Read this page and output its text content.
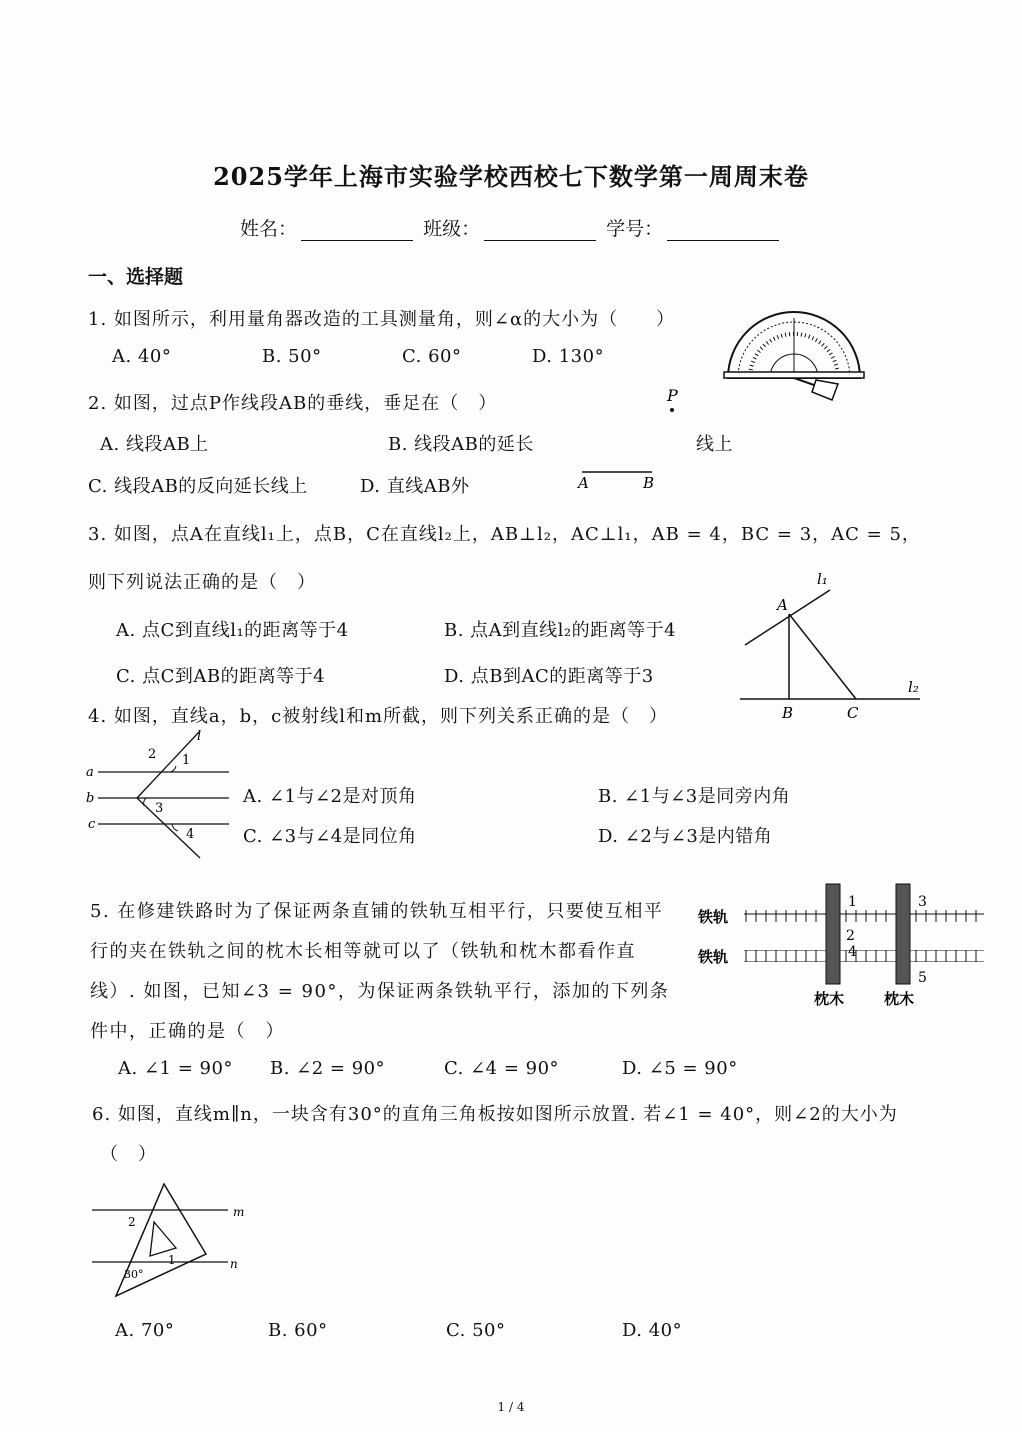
2025学年上海市实验学校西校七下数学第一周周末卷
姓名：	班级：	学号：
一、选择题
1. 如图所示，利用量角器改造的工具测量角，则∠α的大小为（　　）
A. 40°	B. 50°	C. 60°	D. 130°
2. 如图，过点P作线段AB的垂线，垂足在（　）
A. 线段AB上	B. 线段AB的延长	线上
C. 线段AB的反向延长线上	D. 直线AB外
P
A	B
3. 如图，点A在直线l₁上，点B，C在直线l₂上，AB⊥l₂，AC⊥l₁，AB = 4，BC = 3，AC = 5，
则下列说法正确的是（　）
A. 点C到直线l₁的距离等于4	B. 点A到直线l₂的距离等于4
C. 点C到AB的距离等于4	D. 点B到AC的距离等于3
l₁
l₂
A
B	C
4. 如图，直线a，b，c被射线l和m所截，则下列关系正确的是（　）
A. ∠1与∠2是对顶角	B. ∠1与∠3是同旁内角
C. ∠3与∠4是同位角	D. ∠2与∠3是内错角
a
b
c
l
2 1
3
4
5. 在修建铁路时为了保证两条直铺的铁轨互相平行，只要使互相平行的夹在铁轨之间的枕木长相等就可以了（铁轨和枕木都看作直线）. 如图，已知∠3 = 90°，为保证两条铁轨平行，添加的下列条件中，正确的是（　）
A. ∠1 = 90° B. ∠2 = 90°	C. ∠4 = 90°	D. ∠5 = 90°
铁轨
铁轨
枕木	枕木
1
2
3
4
5
6. 如图，直线m∥n，一块含有30°的直角三角板按如图所示放置. 若∠1 = 40°，则∠2的大小为
（　）
A. 70°	B. 60°	C. 50°	D. 40°
m
n
2
1
30°
1 / 4
